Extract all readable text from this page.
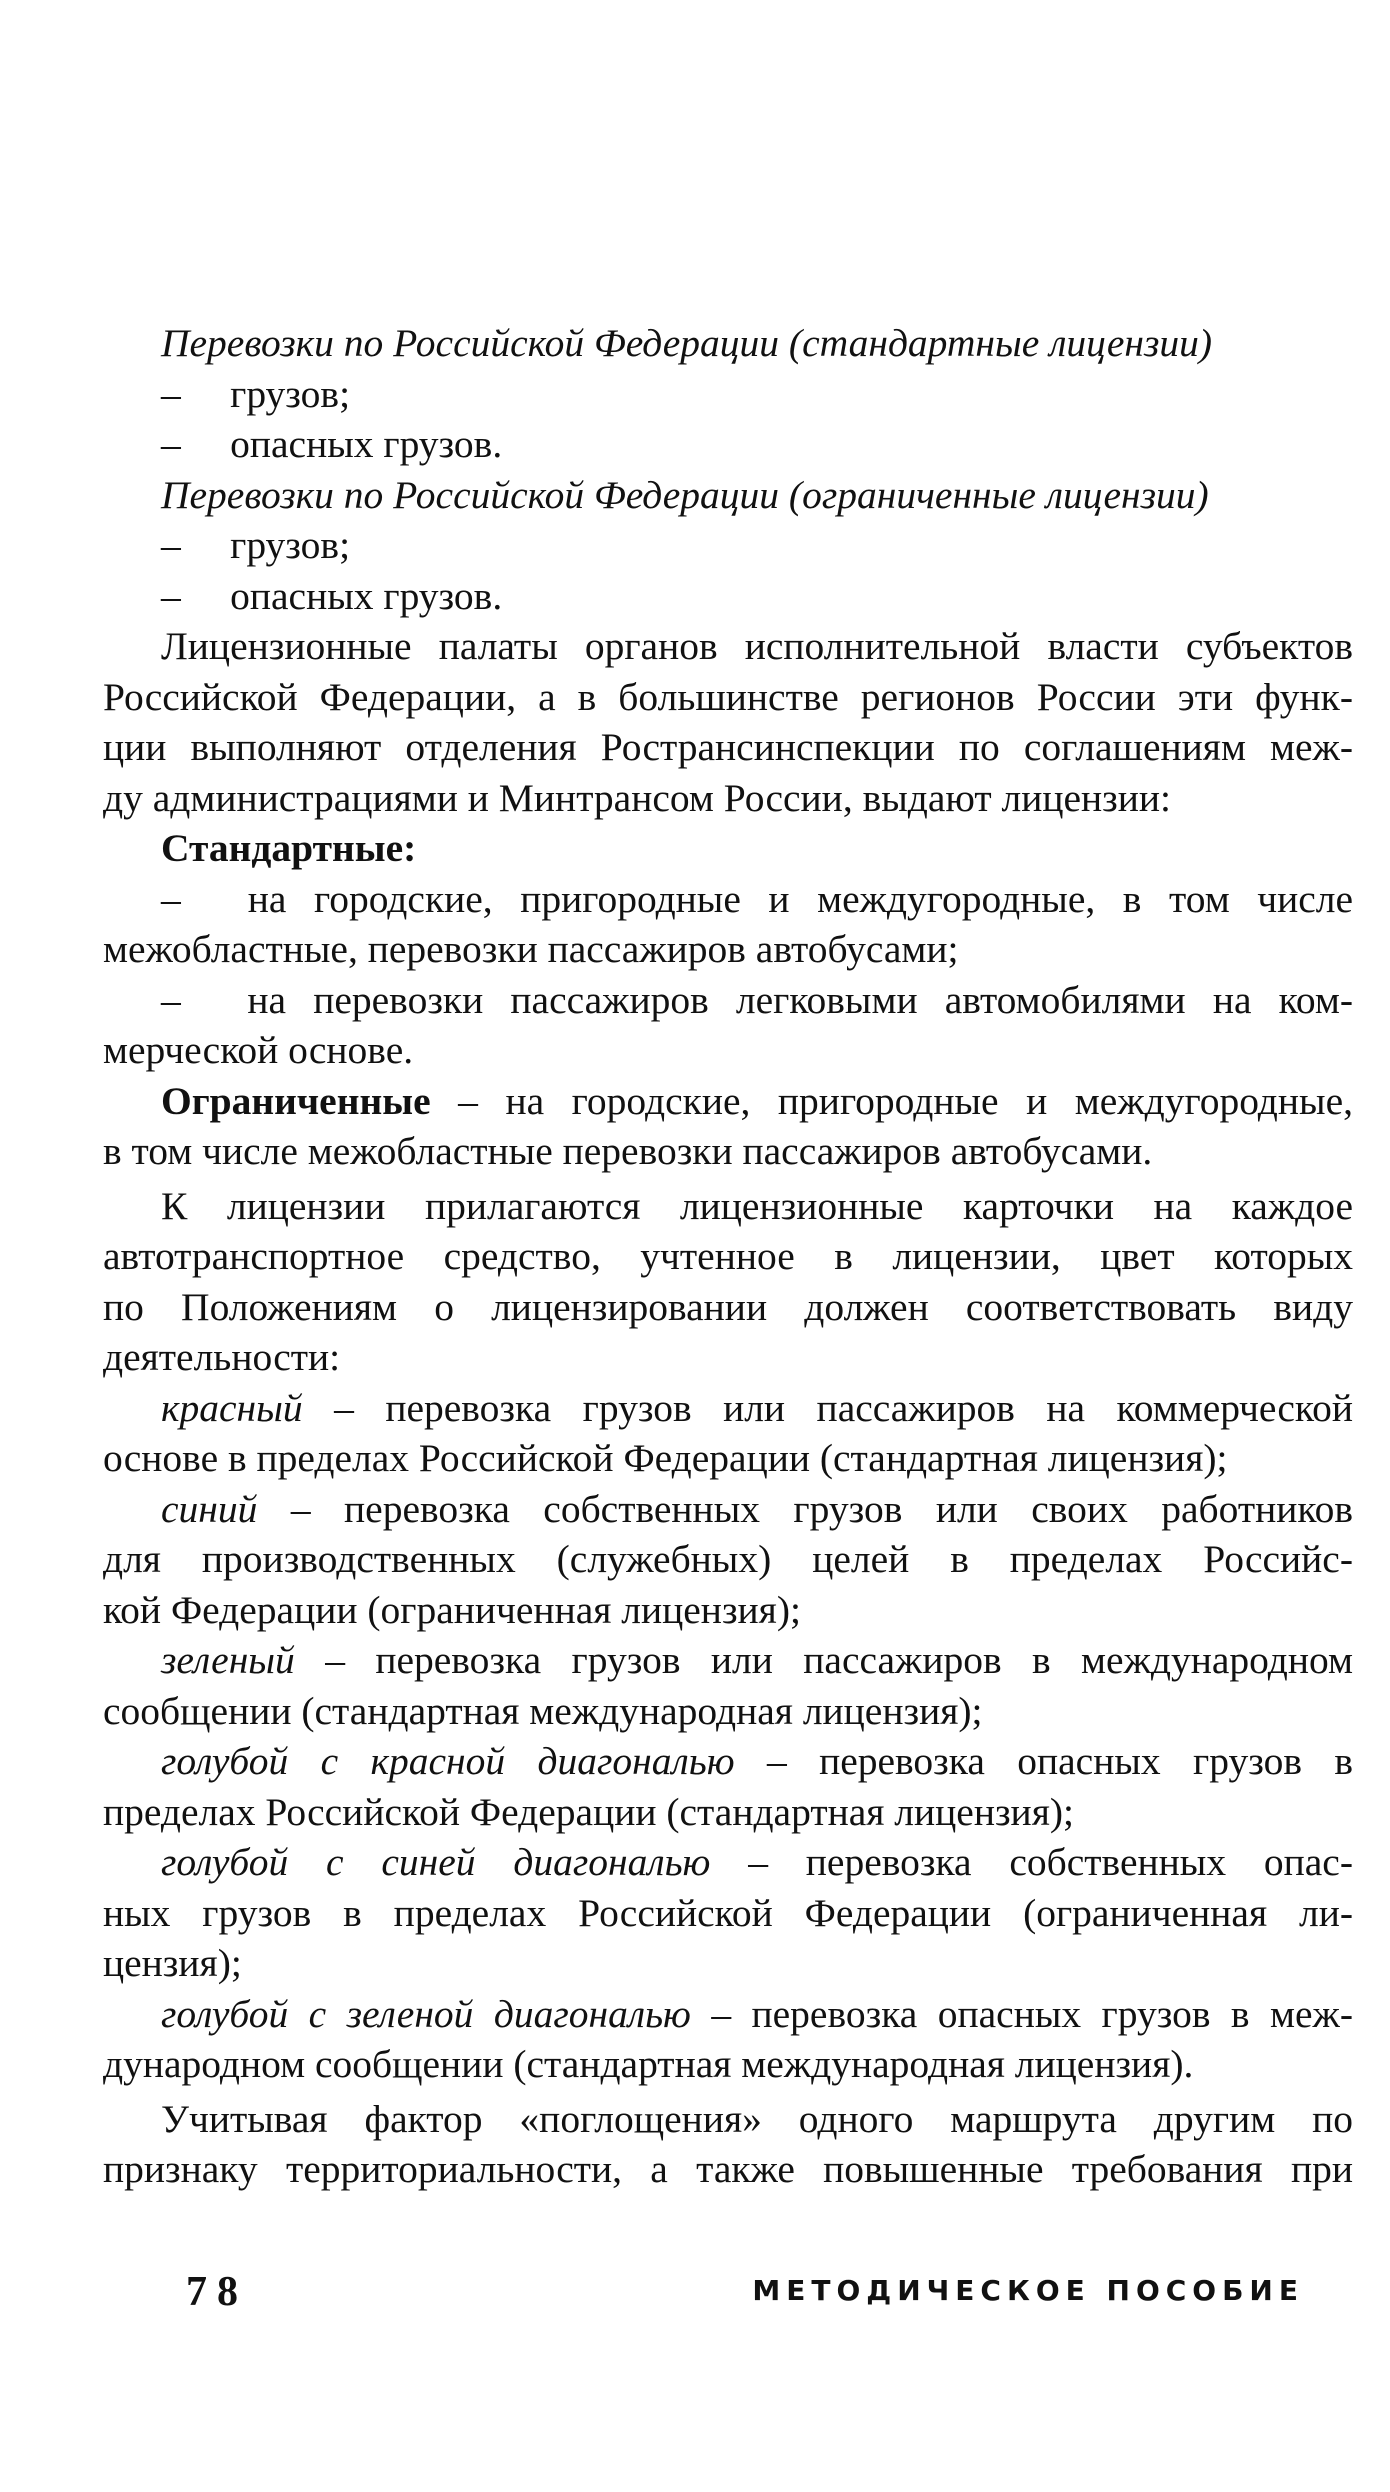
Перевозки по Российской Федерации (стандартные лицензии)
–  грузов;
–  опасных грузов.
Перевозки по Российской Федерации (ограниченные лицензии)
–  грузов;
–  опасных грузов.
Лицензионные палаты органов исполнительной власти субъектов
Российской Федерации, а в большинстве регионов России эти функ-
ции выполняют отделения Ространсинспекции по соглашениям меж-
ду администрациями и Минтрансом России, выдают лицензии:
Стандартные:
–  на городские, пригородные и междугородные, в том числе
межобластные, перевозки пассажиров автобусами;
–  на перевозки пассажиров легковыми автомобилями на ком-
мерческой основе.
Ограниченные – на городские, пригородные и междугородные,
в том числе межобластные перевозки пассажиров автобусами.
К лицензии прилагаются лицензионные карточки на каждое
автотранспортное средство, учтенное в лицензии, цвет которых
по Положениям о лицензировании должен соответствовать виду
деятельности:
красный – перевозка грузов или пассажиров на коммерческой
основе в пределах Российской Федерации (стандартная лицензия);
синий – перевозка собственных грузов или своих работников
для производственных (служебных) целей в пределах Российс-
кой Федерации (ограниченная лицензия);
зеленый – перевозка грузов или пассажиров в международном
сообщении (стандартная международная лицензия);
голубой с красной диагональю – перевозка опасных грузов в
пределах Российской Федерации (стандартная лицензия);
голубой с синей диагональю – перевозка собственных опас-
ных грузов в пределах Российской Федерации (ограниченная ли-
цензия);
голубой с зеленой диагональю – перевозка опасных грузов в меж-
дународном сообщении (стандартная международная лицензия).
Учитывая фактор «поглощения» одного маршрута другим по
признаку территориальности, а также повышенные требования при
78	МЕТОДИЧЕСКОЕ ПОСОБИЕ
